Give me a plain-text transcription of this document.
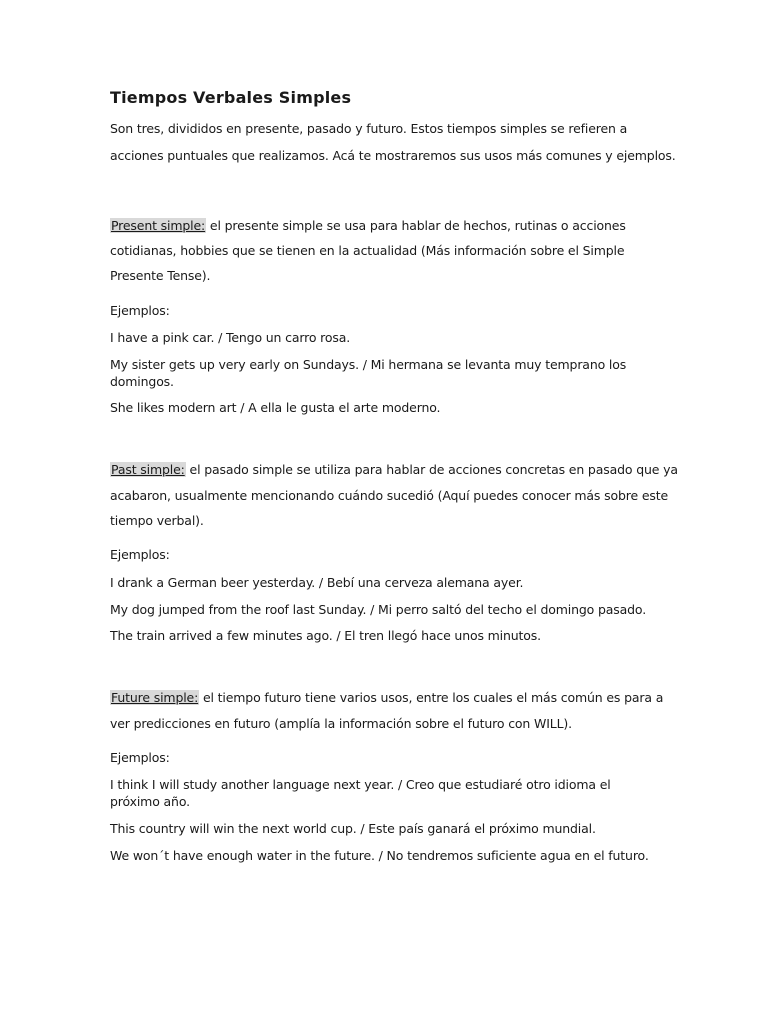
Tiempos Verbales Simples
Son tres, divididos en presente, pasado y futuro. Estos tiempos simples se refieren a
acciones puntuales que realizamos. Acá te mostraremos sus usos más comunes y ejemplos.
Present simple: el presente simple se usa para hablar de hechos, rutinas o acciones
cotidianas, hobbies que se tienen en la actualidad (Más información sobre el Simple
Presente Tense).
Ejemplos:
I have a pink car. / Tengo un carro rosa.
My sister gets up very early on Sundays. / Mi hermana se levanta muy temprano los
domingos.
She likes modern art / A ella le gusta el arte moderno.
Past simple: el pasado simple se utiliza para hablar de acciones concretas en pasado que ya
acabaron, usualmente mencionando cuándo sucedió (Aquí puedes conocer más sobre este
tiempo verbal).
Ejemplos:
I drank a German beer yesterday. / Bebí una cerveza alemana ayer.
My dog jumped from the roof last Sunday. / Mi perro saltó del techo el domingo pasado.
The train arrived a few minutes ago. / El tren llegó hace unos minutos.
Future simple: el tiempo futuro tiene varios usos, entre los cuales el más común es para a
ver predicciones en futuro (amplía la información sobre el futuro con WILL).
Ejemplos:
I think I will study another language next year. / Creo que estudiaré otro idioma el
próximo año.
This country will win the next world cup. / Este país ganará el próximo mundial.
We won´t have enough water in the future. / No tendremos suficiente agua en el futuro.
